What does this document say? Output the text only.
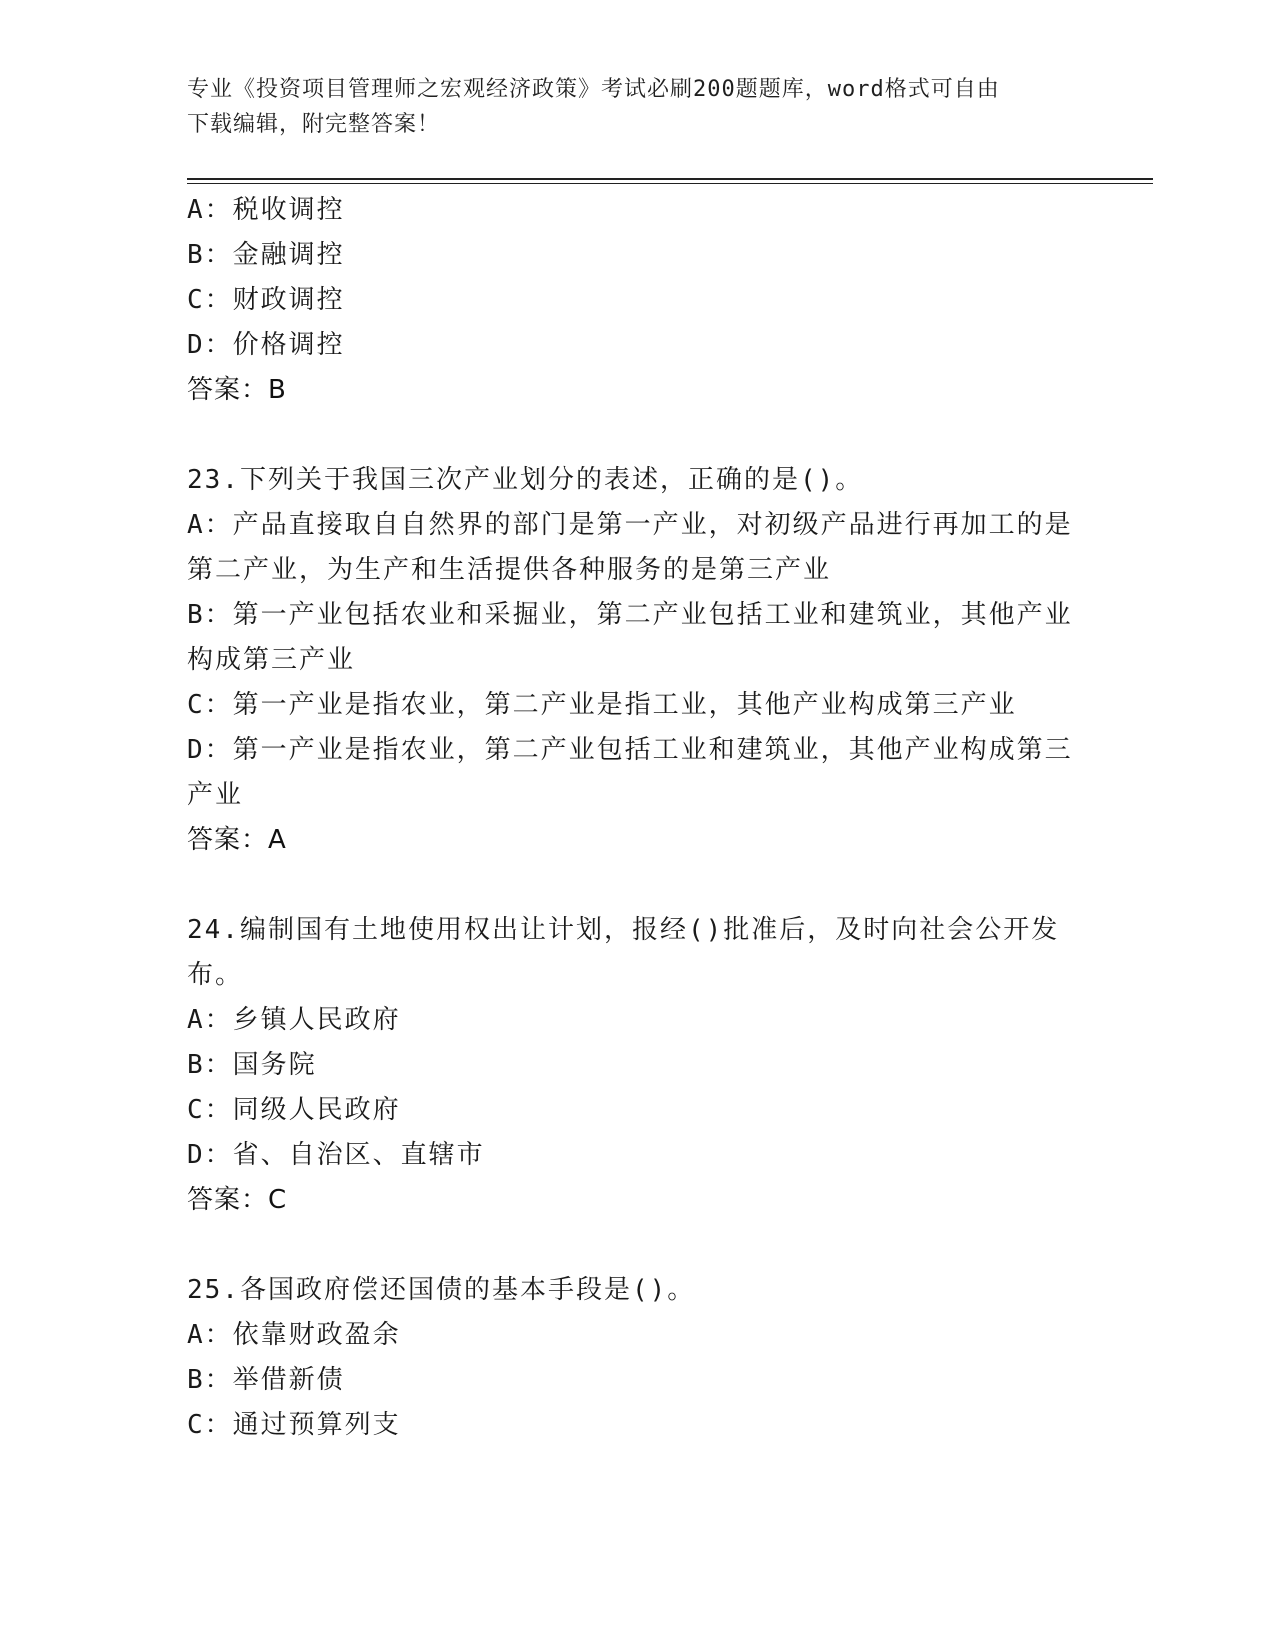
专业《投资项目管理师之宏观经济政策》考试必刷200题题库，word格式可自由
下载编辑，附完整答案！

A：税收调控

B：金融调控

C：财政调控

D：价格调控

答案：B

23.下列关于我国三次产业划分的表述，正确的是()。

A：产品直接取自自然界的部门是第一产业，对初级产品进行再加工的是第二产业，为生产和生活提供各种服务的是第三产业

B：第一产业包括农业和采掘业，第二产业包括工业和建筑业，其他产业构成第三产业

C：第一产业是指农业，第二产业是指工业，其他产业构成第三产业

D：第一产业是指农业，第二产业包括工业和建筑业，其他产业构成第三产业

答案：A

24.编制国有土地使用权出让计划，报经()批准后，及时向社会公开发布。

A：乡镇人民政府

B：国务院

C：同级人民政府

D：省、自治区、直辖市

答案：C

25.各国政府偿还国债的基本手段是()。

A：依靠财政盈余

B：举借新债

C：通过预算列支
